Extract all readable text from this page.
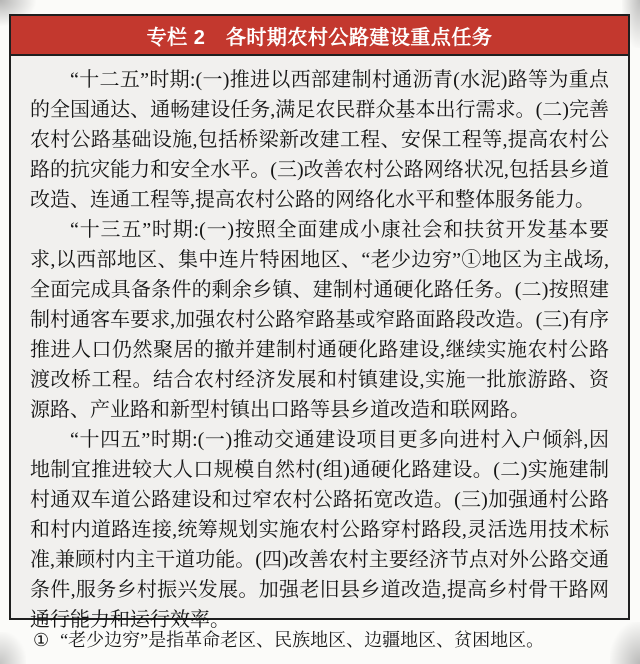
专栏 2　各时期农村公路建设重点任务

“十二五”时期:(一)推进以西部建制村通沥青(水泥)路等为重点的全国通达、通畅建设任务,满足农民群众基本出行需求。(二)完善农村公路基础设施,包括桥梁新改建工程、安保工程等,提高农村公路的抗灾能力和安全水平。(三)改善农村公路网络状况,包括县乡道改造、连通工程等,提高农村公路的网络化水平和整体服务能力。

“十三五”时期:(一)按照全面建成小康社会和扶贫开发基本要求,以西部地区、集中连片特困地区、“老少边穷”①地区为主战场,全面完成具备条件的剩余乡镇、建制村通硬化路任务。(二)按照建制村通客车要求,加强农村公路窄路基或窄路面路段改造。(三)有序推进人口仍然聚居的撤并建制村通硬化路建设,继续实施农村公路渡改桥工程。结合农村经济发展和村镇建设,实施一批旅游路、资源路、产业路和新型村镇出口路等县乡道改造和联网路。

“十四五”时期:(一)推动交通建设项目更多向进村入户倾斜,因地制宜推进较大人口规模自然村(组)通硬化路建设。(二)实施建制村通双车道公路建设和过窄农村公路拓宽改造。(三)加强通村公路和村内道路连接,统筹规划实施农村公路穿村路段,灵活选用技术标准,兼顾村内主干道功能。(四)改善农村主要经济节点对外公路交通条件,服务乡村振兴发展。加强老旧县乡道改造,提高乡村骨干路网通行能力和运行效率。

① “老少边穷”是指革命老区、民族地区、边疆地区、贫困地区。
